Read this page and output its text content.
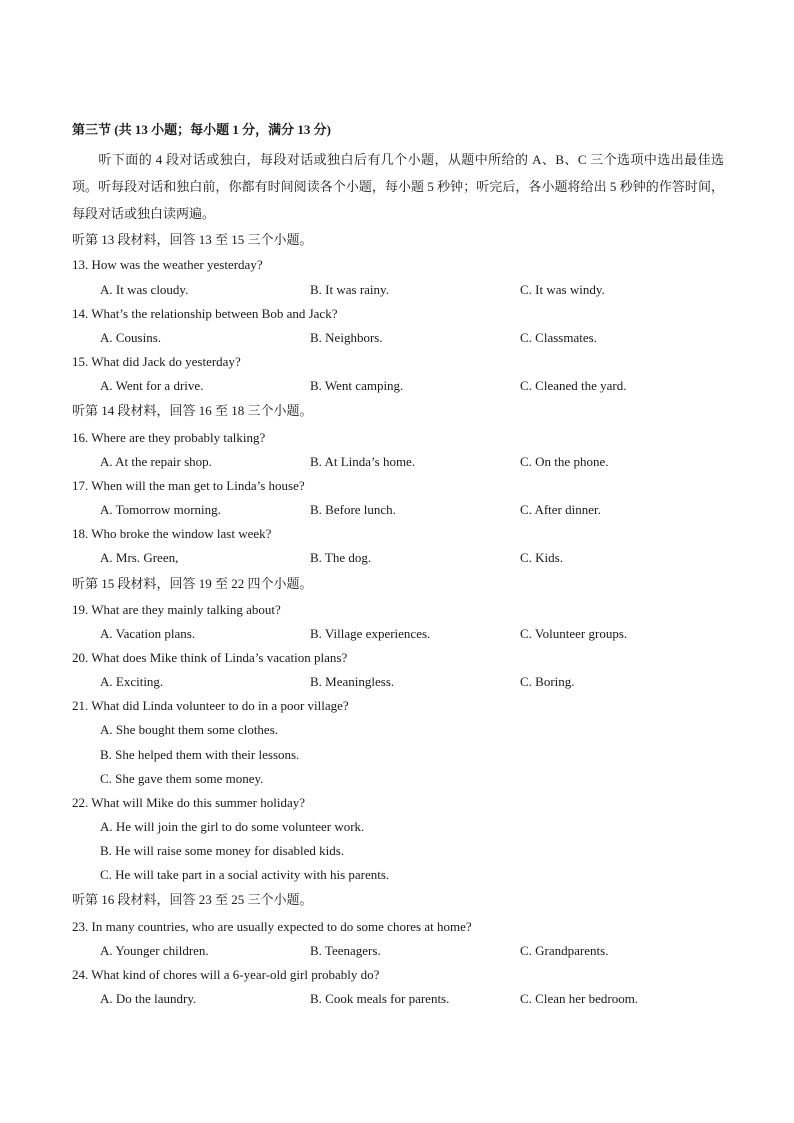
第三节 (共 13 小题；每小题 1 分，满分 13 分)
听下面的 4 段对话或独白，每段对话或独白后有几个小题，从题中所给的 A、B、C 三个选项中选出最佳选项。听每段对话和独白前，你都有时间阅读各个小题，每小题 5 秒钟；听完后，各小题将给出 5 秒钟的作答时间，每段对话或独白读两遍。
听第 13 段材料，回答 13 至 15 三个小题。
13. How was the weather yesterday?
A. It was cloudy.	B. It was rainy.	C. It was windy.
14. What’s the relationship between Bob and Jack?
A. Cousins.	B. Neighbors.	C. Classmates.
15. What did Jack do yesterday?
A. Went for a drive.	B. Went camping.	C. Cleaned the yard.
听第 14 段材料，回答 16 至 18 三个小题。
16. Where are they probably talking?
A. At the repair shop.	B. At Linda’s home.	C. On the phone.
17. When will the man get to Linda’s house?
A. Tomorrow morning.	B. Before lunch.	C. After dinner.
18. Who broke the window last week?
A. Mrs. Green,	B. The dog.	C. Kids.
听第 15 段材料，回答 19 至 22 四个小题。
19. What are they mainly talking about?
A. Vacation plans.	B. Village experiences.	C. Volunteer groups.
20. What does Mike think of Linda’s vacation plans?
A. Exciting.	B. Meaningless.	C. Boring.
21. What did Linda volunteer to do in a poor village?
A. She bought them some clothes.
B. She helped them with their lessons.
C. She gave them some money.
22. What will Mike do this summer holiday?
A. He will join the girl to do some volunteer work.
B. He will raise some money for disabled kids.
C. He will take part in a social activity with his parents.
听第 16 段材料，回答 23 至 25 三个小题。
23. In many countries, who are usually expected to do some chores at home?
A. Younger children.	B. Teenagers.	C. Grandparents.
24. What kind of chores will a 6-year-old girl probably do?
A. Do the laundry.	B. Cook meals for parents.	C. Clean her bedroom.
